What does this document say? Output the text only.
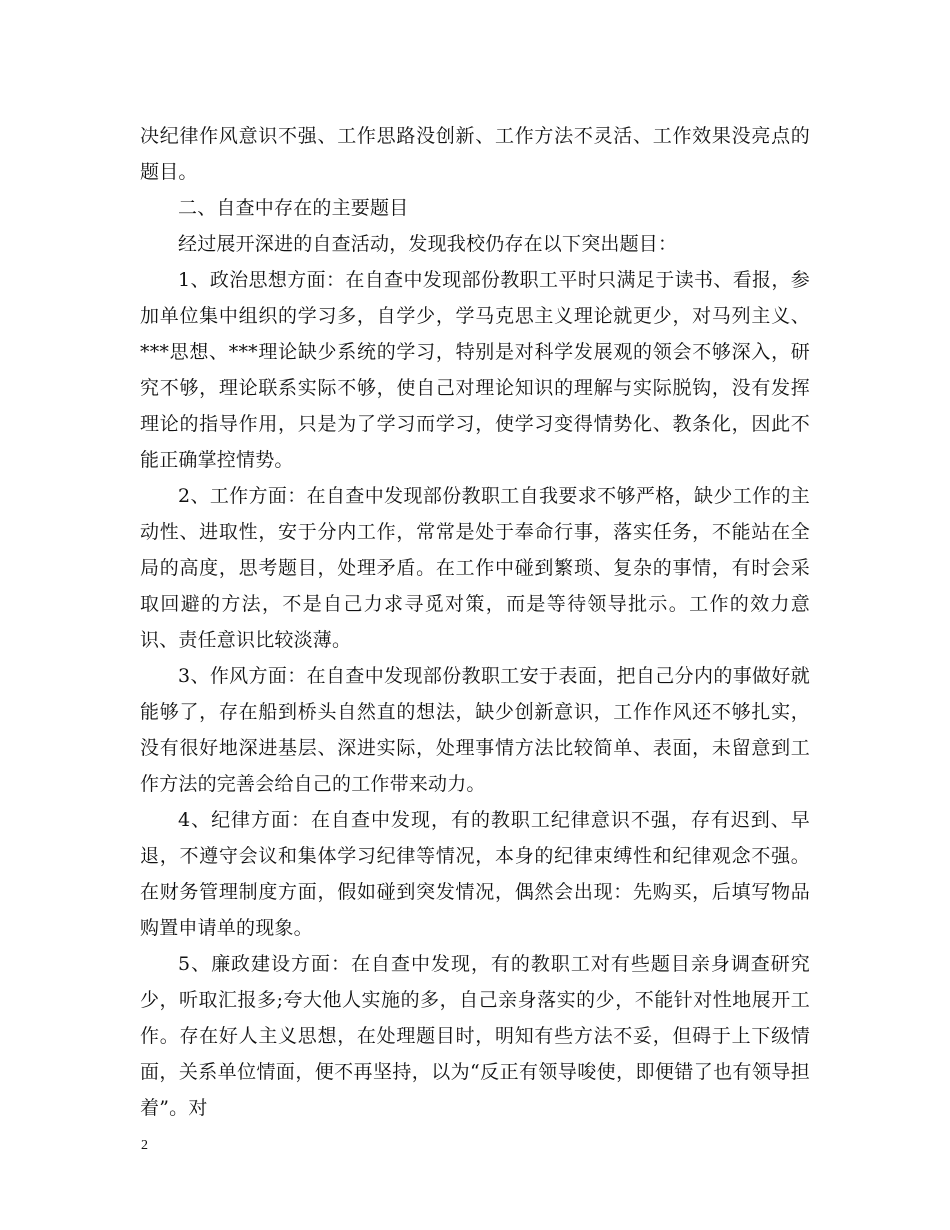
决纪律作风意识不强、工作思路没创新、工作方法不灵活、工作效果没亮点的题目。

二、自查中存在的主要题目

经过展开深进的自查活动，发现我校仍存在以下突出题目：

1、政治思想方面：在自查中发现部份教职工平时只满足于读书、看报，参加单位集中组织的学习多，自学少，学马克思主义理论就更少，对马列主义、***思想、***理论缺少系统的学习，特别是对科学发展观的领会不够深入，研究不够，理论联系实际不够，使自己对理论知识的理解与实际脱钩，没有发挥理论的指导作用，只是为了学习而学习，使学习变得情势化、教条化，因此不能正确掌控情势。

2、工作方面：在自查中发现部份教职工自我要求不够严格，缺少工作的主动性、进取性，安于分内工作，常常是处于奉命行事，落实任务，不能站在全局的高度，思考题目，处理矛盾。在工作中碰到繁琐、复杂的事情，有时会采取回避的方法，不是自己力求寻觅对策，而是等待领导批示。工作的效力意识、责任意识比较淡薄。

3、作风方面：在自查中发现部份教职工安于表面，把自己分内的事做好就能够了，存在船到桥头自然直的想法，缺少创新意识，工作作风还不够扎实，没有很好地深进基层、深进实际，处理事情方法比较简单、表面，未留意到工作方法的完善会给自己的工作带来动力。

4、纪律方面：在自查中发现，有的教职工纪律意识不强，存有迟到、早退，不遵守会议和集体学习纪律等情况，本身的纪律束缚性和纪律观念不强。在财务管理制度方面，假如碰到突发情况，偶然会出现：先购买，后填写物品购置申请单的现象。

5、廉政建设方面：在自查中发现，有的教职工对有些题目亲身调查研究少，听取汇报多;夸大他人实施的多，自己亲身落实的少，不能针对性地展开工作。存在好人主义思想，在处理题目时，明知有些方法不妥，但碍于上下级情面，关系单位情面，便不再坚持，以为“反正有领导唆使，即便错了也有领导担着”。对

2
